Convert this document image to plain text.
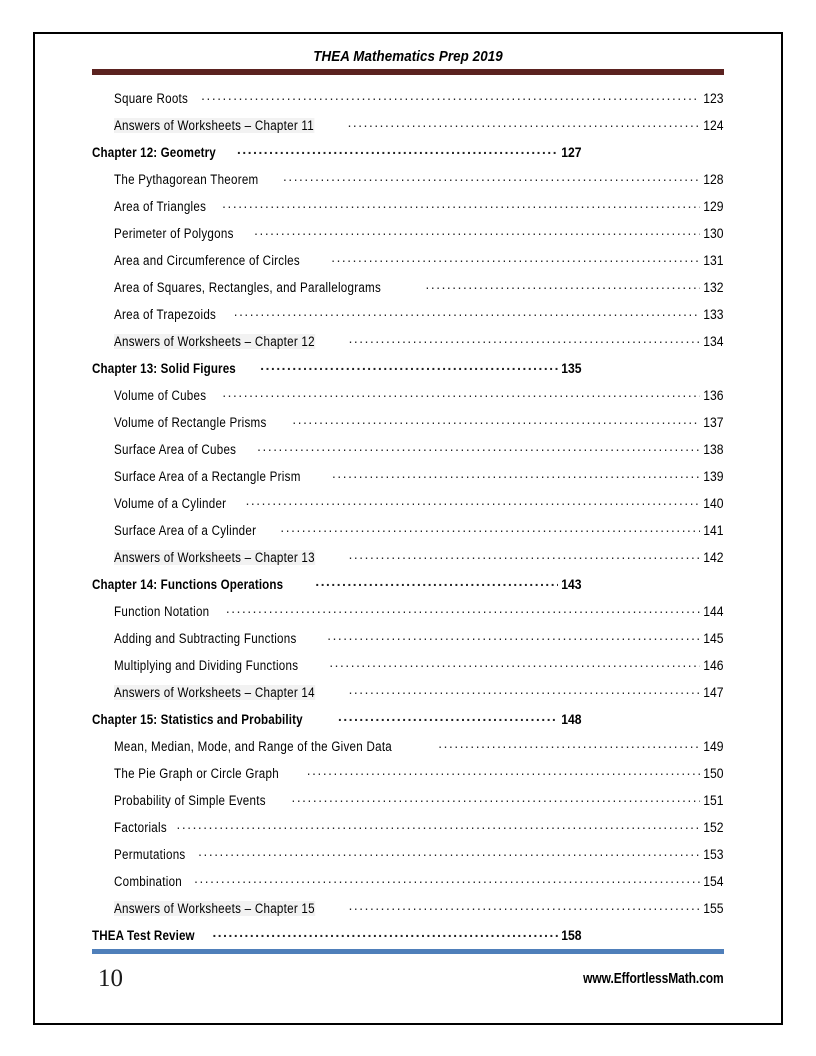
THEA Mathematics Prep 2019
Square Roots .....	123
Answers of Worksheets – Chapter 11 .....	124
Chapter 12: Geometry .....	127
The Pythagorean Theorem .....	128
Area of Triangles .....	129
Perimeter of Polygons .....	130
Area and Circumference of Circles .....	131
Area of Squares, Rectangles, and Parallelograms .....	132
Area of Trapezoids .....	133
Answers of Worksheets – Chapter 12 .....	134
Chapter 13: Solid Figures .....	135
Volume of Cubes .....	136
Volume of Rectangle Prisms .....	137
Surface Area of Cubes .....	138
Surface Area of a Rectangle Prism .....	139
Volume of a Cylinder .....	140
Surface Area of a Cylinder .....	141
Answers of Worksheets – Chapter 13 .....	142
Chapter 14: Functions Operations .....	143
Function Notation .....	144
Adding and Subtracting Functions .....	145
Multiplying and Dividing Functions .....	146
Answers of Worksheets – Chapter 14 .....	147
Chapter 15: Statistics and Probability .....	148
Mean, Median, Mode, and Range of the Given Data .....	149
The Pie Graph or Circle Graph .....	150
Probability of Simple Events .....	151
Factorials .....	152
Permutations .....	153
Combination .....	154
Answers of Worksheets – Chapter 15 .....	155
THEA Test Review .....	158
10	www.EffortlessMath.com
